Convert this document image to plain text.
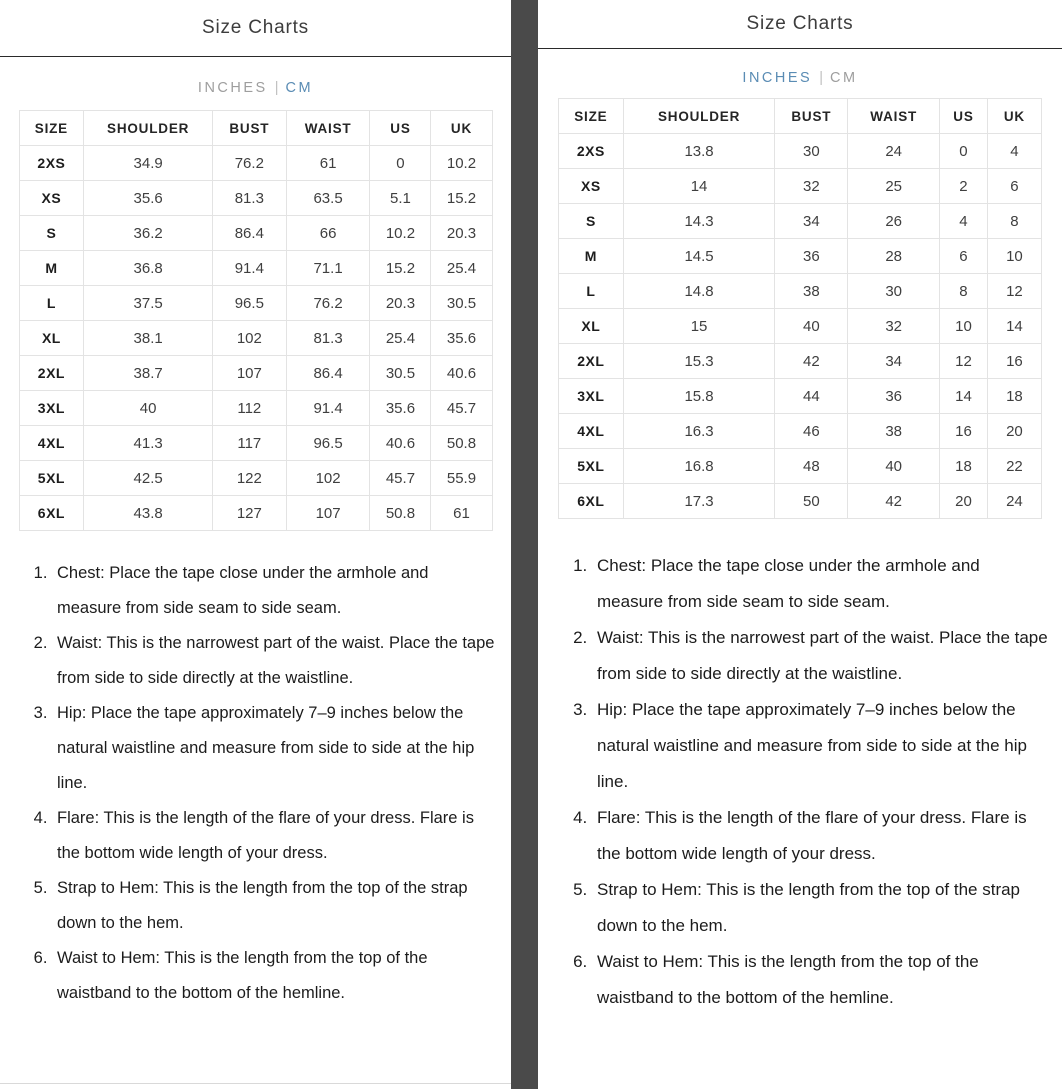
Size Charts
INCHES | CM
SIZE	SHOULDER	BUST	WAIST	US	UK
2XS	34.9	76.2	61	0	10.2
XS	35.6	81.3	63.5	5.1	15.2
S	36.2	86.4	66	10.2	20.3
M	36.8	91.4	71.1	15.2	25.4
L	37.5	96.5	76.2	20.3	30.5
XL	38.1	102	81.3	25.4	35.6
2XL	38.7	107	86.4	30.5	40.6
3XL	40	112	91.4	35.6	45.7
4XL	41.3	117	96.5	40.6	50.8
5XL	42.5	122	102	45.7	55.9
6XL	43.8	127	107	50.8	61
1. Chest: Place the tape close under the armhole and measure from side seam to side seam.
2. Waist: This is the narrowest part of the waist. Place the tape from side to side directly at the waistline.
3. Hip: Place the tape approximately 7–9 inches below the natural waistline and measure from side to side at the hip line.
4. Flare: This is the length of the flare of your dress. Flare is the bottom wide length of your dress.
5. Strap to Hem: This is the length from the top of the strap down to the hem.
6. Waist to Hem: This is the length from the top of the waistband to the bottom of the hemline.
Size Charts
INCHES | CM
SIZE	SHOULDER	BUST	WAIST	US	UK
2XS	13.8	30	24	0	4
XS	14	32	25	2	6
S	14.3	34	26	4	8
M	14.5	36	28	6	10
L	14.8	38	30	8	12
XL	15	40	32	10	14
2XL	15.3	42	34	12	16
3XL	15.8	44	36	14	18
4XL	16.3	46	38	16	20
5XL	16.8	48	40	18	22
6XL	17.3	50	42	20	24
1. Chest: Place the tape close under the armhole and measure from side seam to side seam.
2. Waist: This is the narrowest part of the waist. Place the tape from side to side directly at the waistline.
3. Hip: Place the tape approximately 7–9 inches below the natural waistline and measure from side to side at the hip line.
4. Flare: This is the length of the flare of your dress. Flare is the bottom wide length of your dress.
5. Strap to Hem: This is the length from the top of the strap down to the hem.
6. Waist to Hem: This is the length from the top of the waistband to the bottom of the hemline.
